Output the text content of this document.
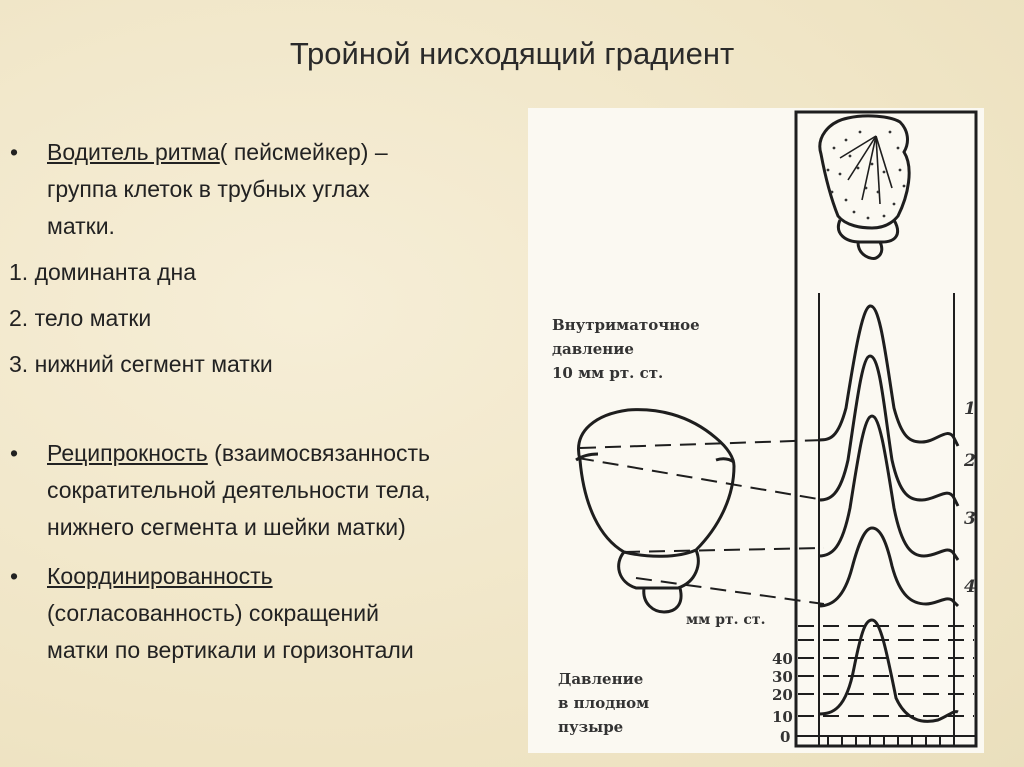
Тройной нисходящий градиент
• Водитель ритма( пейсмейкер) –
группа клеток в трубных углах
матки.
1. доминанта дна
2. тело матки
3. нижний сегмент матки
• Реципрокность (взаимосвязанность
сократительной деятельности тела,
нижнего сегмента и шейки матки)
• Координированность
(согласованность) сокращений
матки по вертикали и горизонтали
Внутриматочное
давление
10 мм рт. ст.
1
2
3
4
мм рт. ст.
40
30
20
10
0
Давление
в плодном
пузыре
